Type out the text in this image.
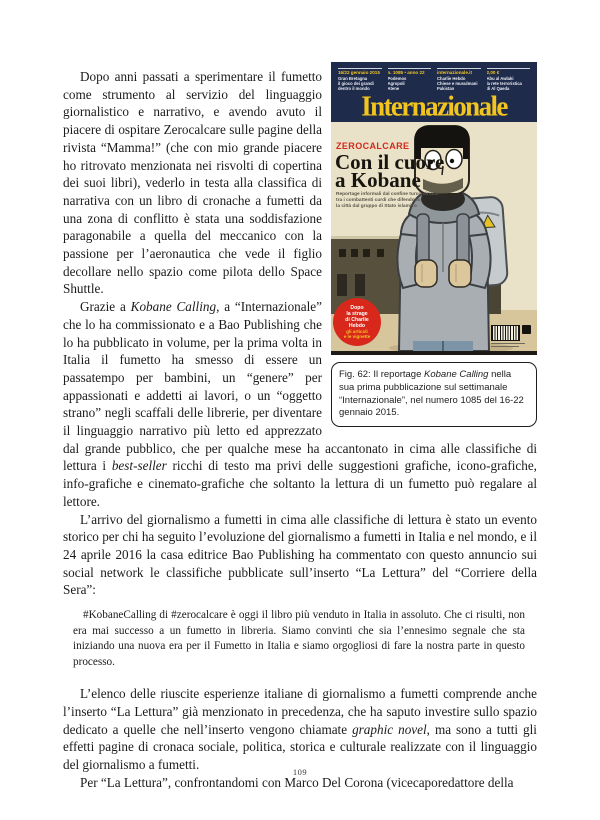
16/22 gennaio 2015
Gran Bretagna
il gioco dei grandi
dentro il mondo
n. 1085 • anno 22
Podemos
Agropoli
Atene
internazionale.it
Charlie Hebdo
Chiese e musulmani
Pakistan
2,00 €
Abu al Awlaki
la rete terroristica
di Al Qaeda
Internazionale
ZEROCALCARE
Con il cuore
a Kobane
Reportage informali dal confine turco-siriano
tra i combattenti curdi che difendono
la città dal gruppo di Stato islamico
Dopo
la strage
di Charlie
Hebdo
gli articoli
e le vignette
Fig. 62: Il reportage Kobane Calling nella sua prima pubblicazione sul settimanale “Internazionale”, nel numero 1085 del 16-22 gennaio 2015.

Dopo anni passati a sperimentare il fumetto come strumento al servizio del linguaggio giornalistico e narrativo, e avendo avuto il piacere di ospitare Zerocalcare sulle pagine della rivista “Mamma!” (che con mio grande piacere ho ritrovato menzionata nei risvolti di copertina dei suoi libri), vederlo in testa alla classifica di narrativa con un libro di cronache a fumetti da una zona di conflitto è stata una soddisfazione paragonabile a quella del meccanico con la passione per l’aeronautica che vede il figlio decollare nello spazio come pilota dello Space Shuttle.

Grazie a Kobane Calling, a “Internazionale” che lo ha commissionato e a Bao Publishing che lo ha pubblicato in volume, per la prima volta in Italia il fumetto ha smesso di essere un passatempo per bambini, un “genere” per appassionati e addetti ai lavori, o un “oggetto strano” negli scaffali delle librerie, per diventare il linguaggio narrativo più letto ed apprezzato dal grande pubblico, che per qualche mese ha accantonato in cima alle classifiche di lettura i best-seller ricchi di testo ma privi delle suggestioni grafiche, icono-grafiche, info-grafiche e cinemato-grafiche che soltanto la lettura di un fumetto può regalare al lettore.

L’arrivo del giornalismo a fumetti in cima alle classifiche di lettura è stato un evento storico per chi ha seguito l’evoluzione del giornalismo a fumetti in Italia e nel mondo, e il 24 aprile 2016 la casa editrice Bao Publishing ha commentato con questo annuncio sui social network le classifiche pubblicate sull’inserto “La Lettura” del “Corriere della Sera”:

#KobaneCalling di #zerocalcare è oggi il libro più venduto in Italia in assoluto. Che ci risulti, non era mai successo a un fumetto in libreria. Siamo convinti che sia l’ennesimo segnale che sta iniziando una nuova era per il Fumetto in Italia e siamo orgogliosi di fare la nostra parte in questo processo.

L’elenco delle riuscite esperienze italiane di giornalismo a fumetti comprende anche l’inserto “La Lettura” già menzionato in precedenza, che ha saputo investire sullo spazio dedicato a quelle che nell’inserto vengono chiamate graphic novel, ma sono a tutti gli effetti pagine di cronaca sociale, politica, storica e culturale realizzate con il linguaggio del giornalismo a fumetti.

Per “La Lettura”, confrontandomi con Marco Del Corona (vicecaporedattore della

109
